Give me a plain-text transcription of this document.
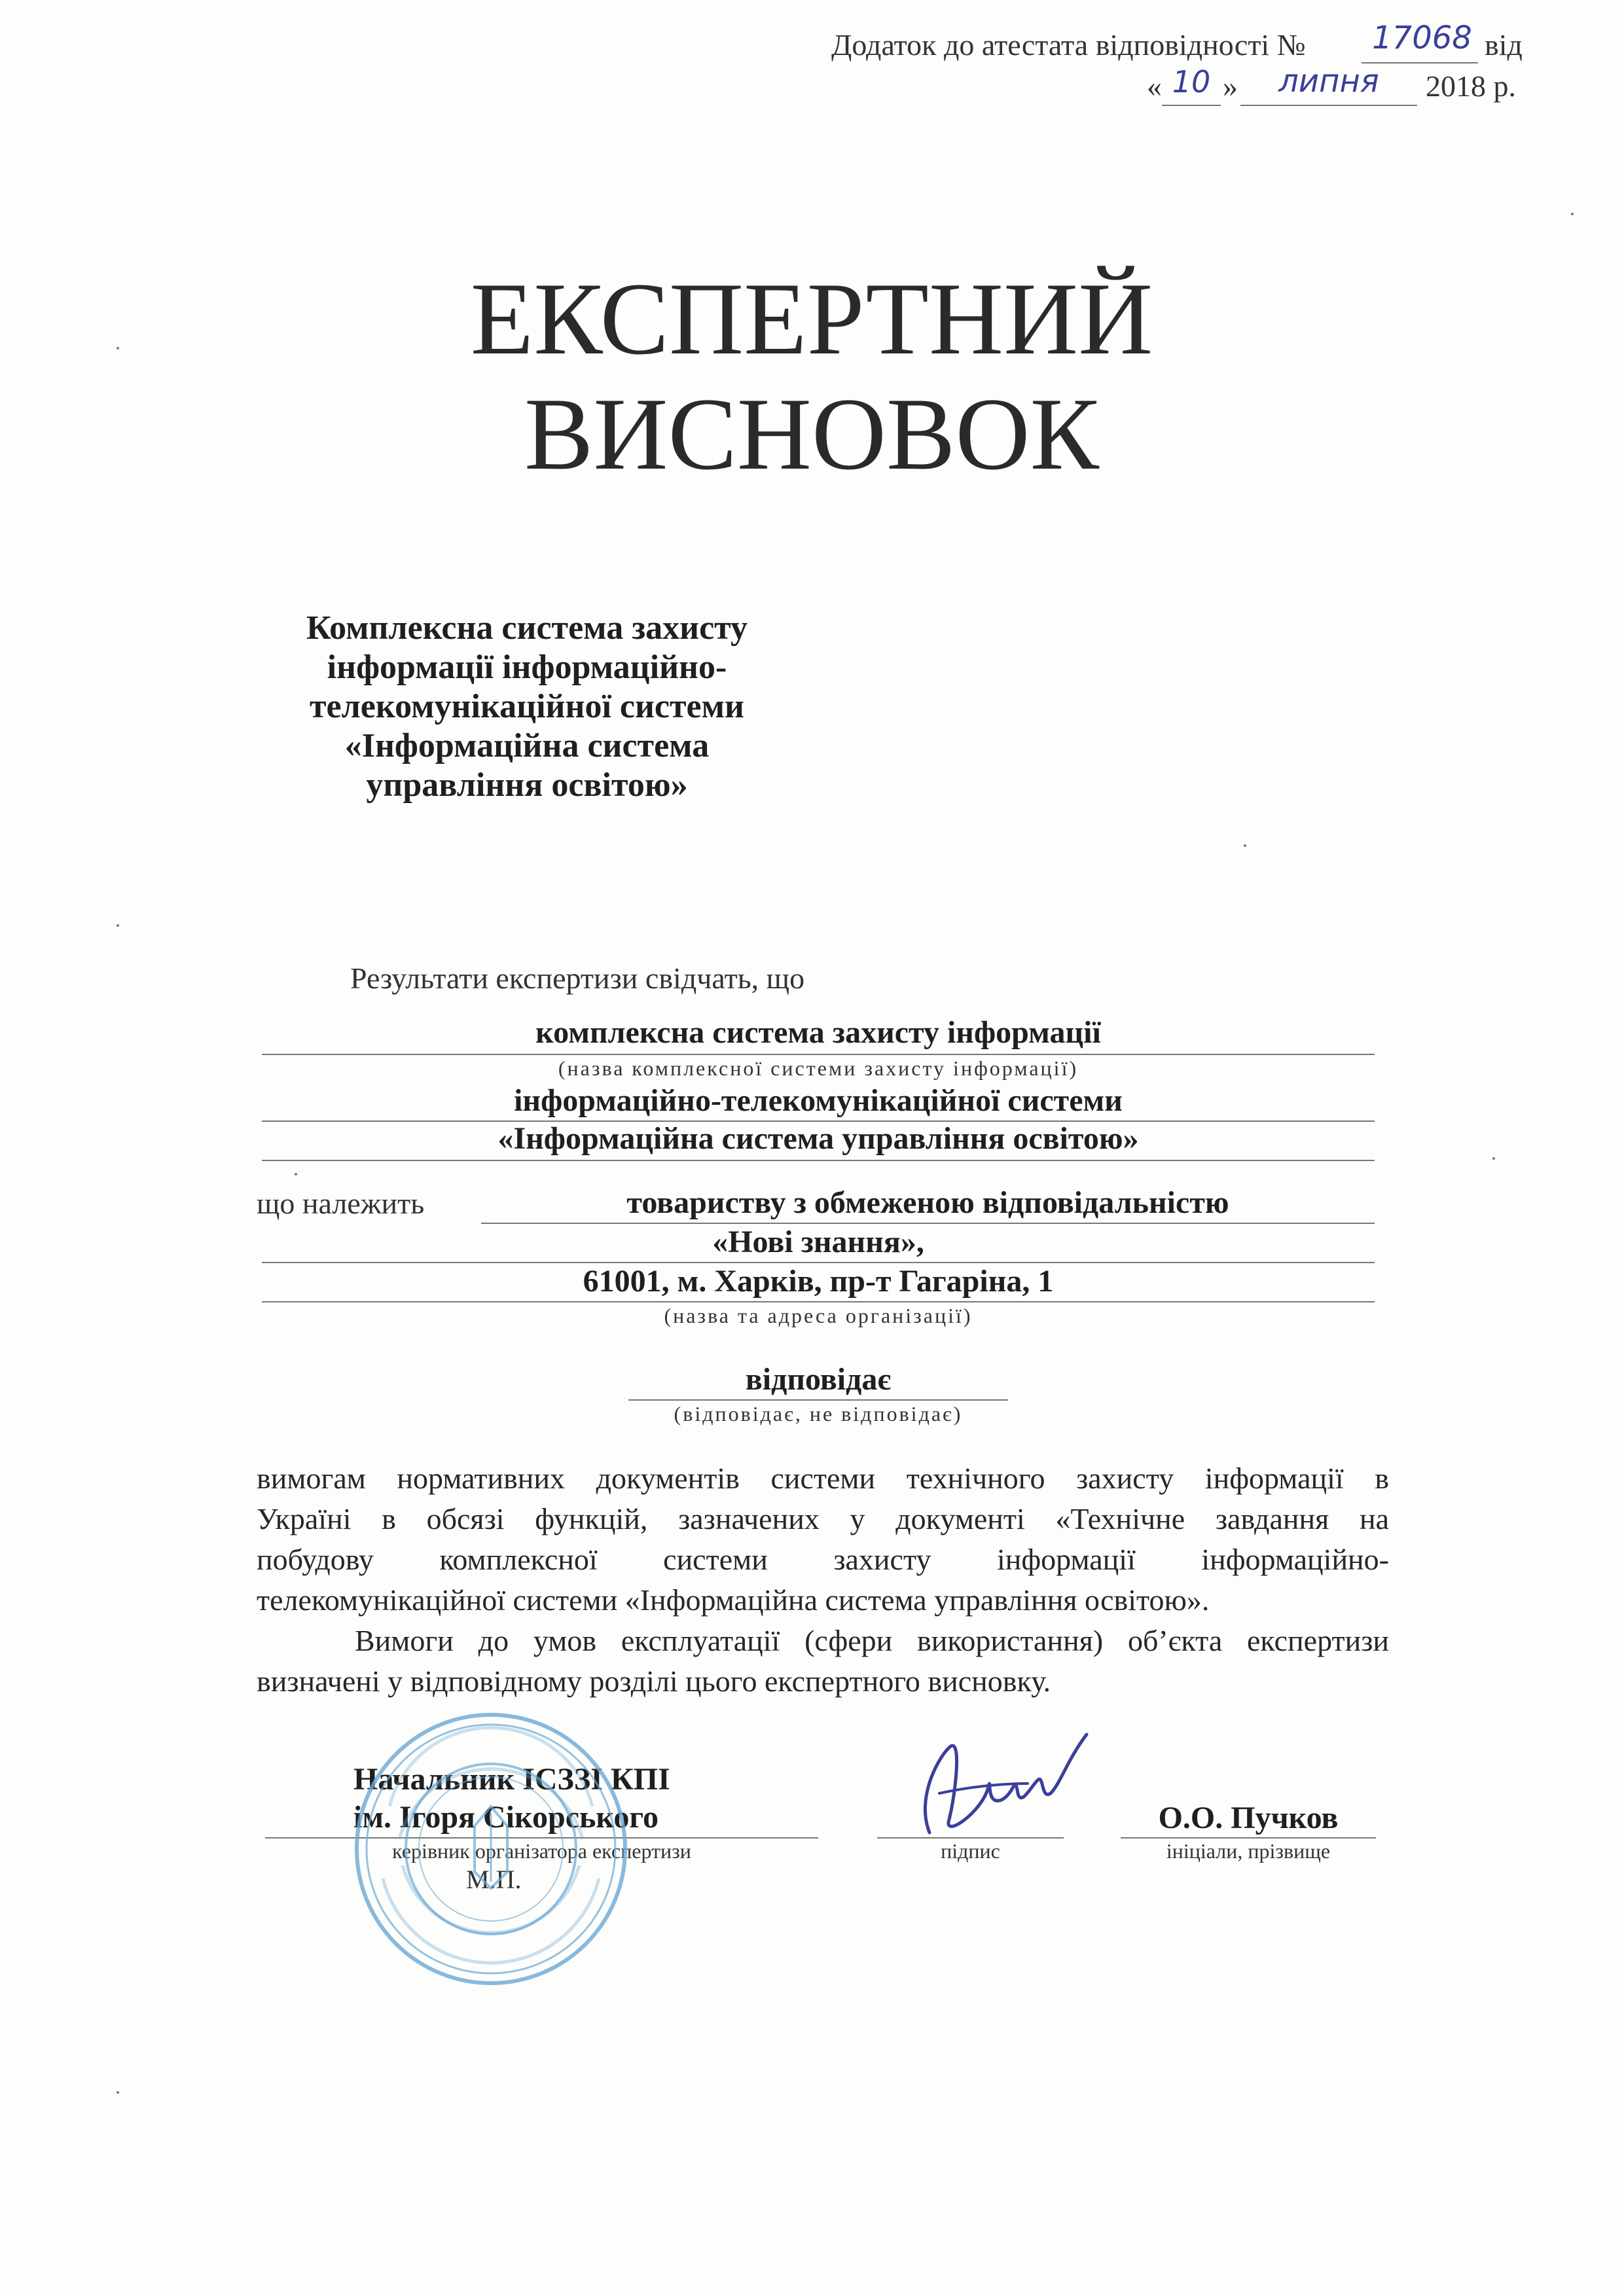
Додаток до атестата відповідності № 17068 від
« 10 »	липня	2018 р.
ЕКСПЕРТНИЙ
ВИСНОВОК
Комплексна система захисту
інформації інформаційно-
телекомунікаційної системи
«Інформаційна система
управління освітою»
Результати експертизи свідчать, що
комплексна система захисту інформації
(назва комплексної системи захисту інформації)
інформаційно-телекомунікаційної системи
«Інформаційна система управління освітою»
що належить	товариству з обмеженою відповідальністю
«Нові знання»,
61001, м. Харків, пр-т Гагаріна, 1
(назва та адреса організації)
відповідає
(відповідає, не відповідає)
вимогам нормативних документів системи технічного захисту інформації в
Україні в обсязі функцій, зазначених у документі «Технічне завдання на
побудову комплексної системи захисту інформації інформаційно-
телекомунікаційної системи «Інформаційна система управління освітою».
Вимоги до умов експлуатації (сфери використання) об’єкта експертизи
визначені у відповідному розділі цього експертного висновку.
Начальник ІСЗЗІ КПІ
ім. Ігоря Сікорського
керівник організатора експертизи
М.П.
підпис
О.О. Пучков
ініціали, прізвище
